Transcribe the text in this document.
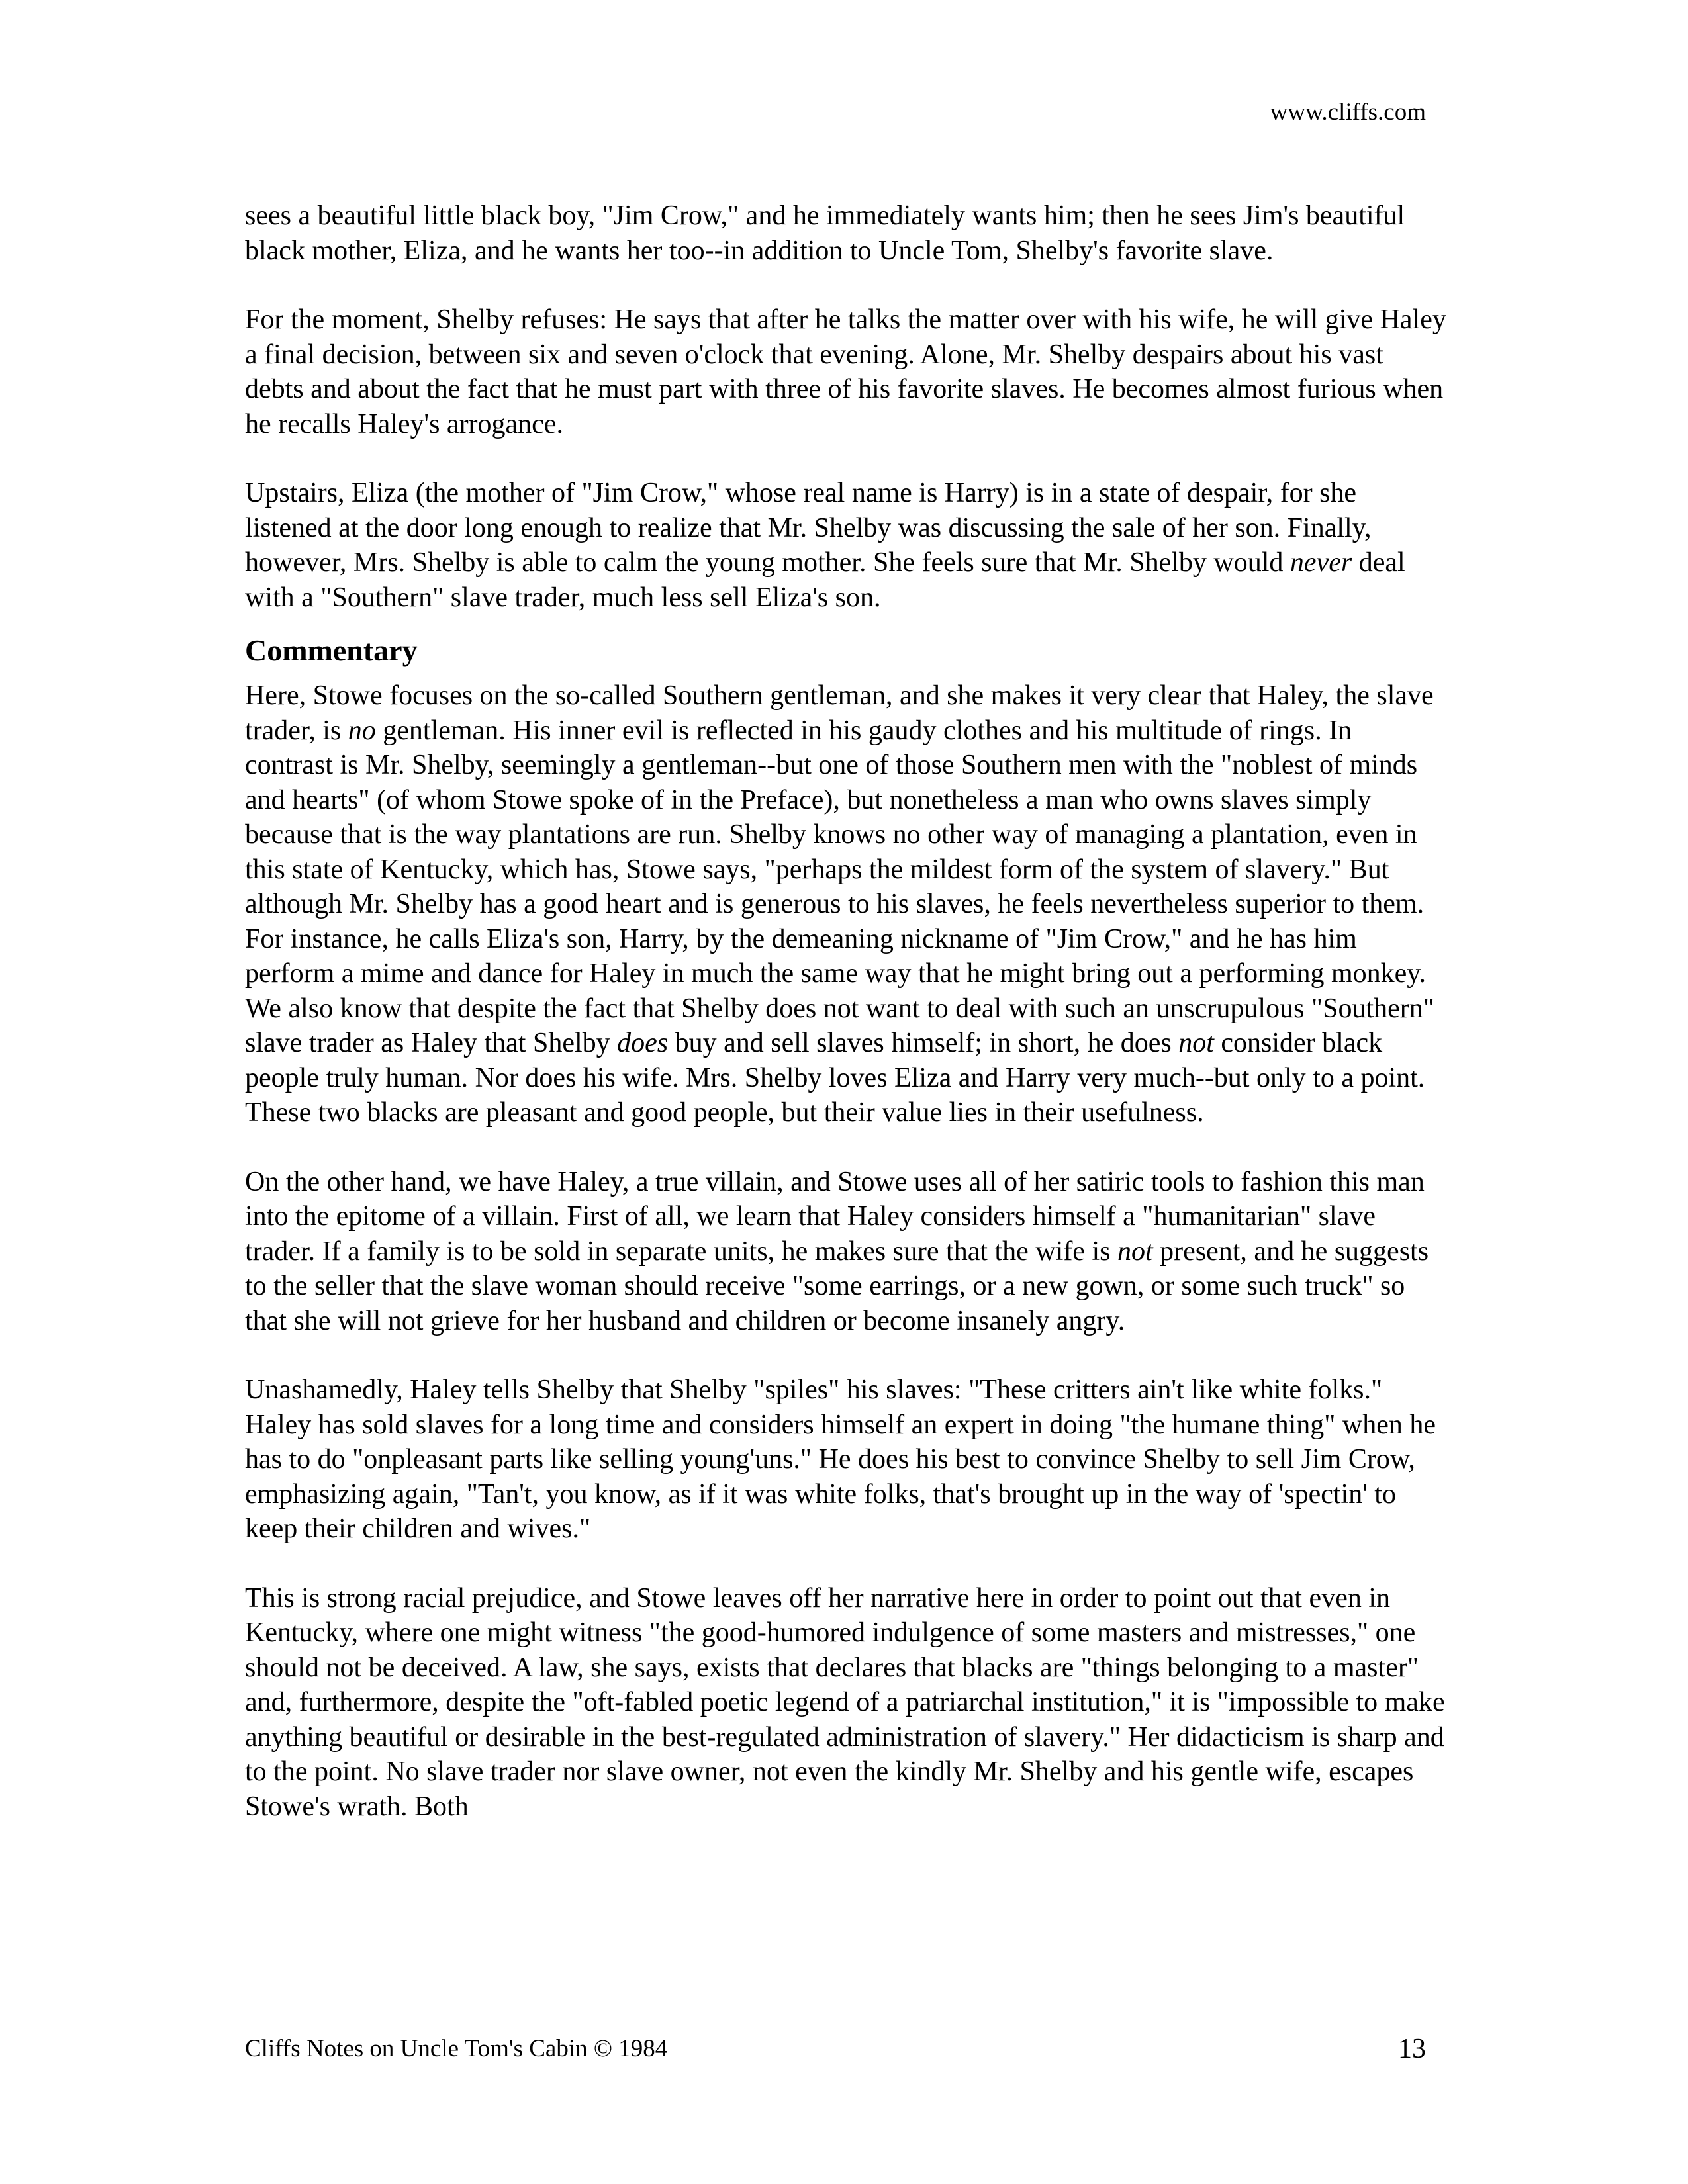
www.cliffs.com

sees a beautiful little black boy, "Jim Crow," and he immediately wants him; then he sees Jim's beautiful black mother, Eliza, and he wants her too--in addition to Uncle Tom, Shelby's favorite slave.

For the moment, Shelby refuses: He says that after he talks the matter over with his wife, he will give Haley a final decision, between six and seven o'clock that evening. Alone, Mr. Shelby despairs about his vast debts and about the fact that he must part with three of his favorite slaves. He becomes almost furious when he recalls Haley's arrogance.

Upstairs, Eliza (the mother of "Jim Crow," whose real name is Harry) is in a state of despair, for she listened at the door long enough to realize that Mr. Shelby was discussing the sale of her son. Finally, however, Mrs. Shelby is able to calm the young mother. She feels sure that Mr. Shelby would never deal with a "Southern" slave trader, much less sell Eliza's son.

Commentary

Here, Stowe focuses on the so-called Southern gentleman, and she makes it very clear that Haley, the slave trader, is no gentleman. His inner evil is reflected in his gaudy clothes and his multitude of rings. In contrast is Mr. Shelby, seemingly a gentleman--but one of those Southern men with the "noblest of minds and hearts" (of whom Stowe spoke of in the Preface), but nonetheless a man who owns slaves simply because that is the way plantations are run. Shelby knows no other way of managing a plantation, even in this state of Kentucky, which has, Stowe says, "perhaps the mildest form of the system of slavery." But although Mr. Shelby has a good heart and is generous to his slaves, he feels nevertheless superior to them. For instance, he calls Eliza's son, Harry, by the demeaning nickname of "Jim Crow," and he has him perform a mime and dance for Haley in much the same way that he might bring out a performing monkey. We also know that despite the fact that Shelby does not want to deal with such an unscrupulous "Southern" slave trader as Haley that Shelby does buy and sell slaves himself; in short, he does not consider black people truly human. Nor does his wife. Mrs. Shelby loves Eliza and Harry very much--but only to a point. These two blacks are pleasant and good people, but their value lies in their usefulness.

On the other hand, we have Haley, a true villain, and Stowe uses all of her satiric tools to fashion this man into the epitome of a villain. First of all, we learn that Haley considers himself a "humanitarian" slave trader. If a family is to be sold in separate units, he makes sure that the wife is not present, and he suggests to the seller that the slave woman should receive "some earrings, or a new gown, or some such truck" so that she will not grieve for her husband and children or become insanely angry.

Unashamedly, Haley tells Shelby that Shelby "spiles" his slaves: "These critters ain't like white folks." Haley has sold slaves for a long time and considers himself an expert in doing "the humane thing" when he has to do "onpleasant parts like selling young'uns." He does his best to convince Shelby to sell Jim Crow, emphasizing again, "Tan't, you know, as if it was white folks, that's brought up in the way of 'spectin' to keep their children and wives."

This is strong racial prejudice, and Stowe leaves off her narrative here in order to point out that even in Kentucky, where one might witness "the good-humored indulgence of some masters and mistresses," one should not be deceived. A law, she says, exists that declares that blacks are "things belonging to a master" and, furthermore, despite the "oft-fabled poetic legend of a patriarchal institution," it is "impossible to make anything beautiful or desirable in the best-regulated administration of slavery." Her didacticism is sharp and to the point. No slave trader nor slave owner, not even the kindly Mr. Shelby and his gentle wife, escapes Stowe's wrath. Both

Cliffs Notes on Uncle Tom's Cabin © 1984	13
